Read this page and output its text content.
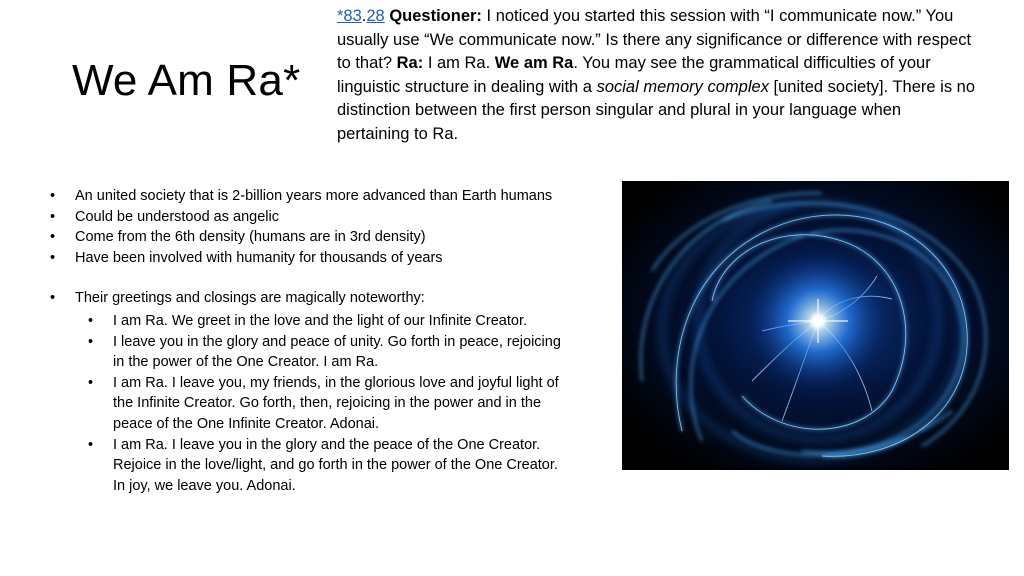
We Am Ra*

*83.28 Questioner: I noticed you started this session with “I communicate now.” You usually use “We communicate now.” Is there any significance or difference with respect to that? Ra: I am Ra. We am Ra. You may see the grammatical difficulties of your linguistic structure in dealing with a social memory complex [united society]. There is no distinction between the first person singular and plural in your language when pertaining to Ra.

• An united society that is 2-billion years more advanced than Earth humans
• Could be understood as angelic
• Come from the 6th density (humans are in 3rd density)
• Have been involved with humanity for thousands of years
• Their greetings and closings are magically noteworthy:
• I am Ra. We greet in the love and the light of our Infinite Creator.
• I leave you in the glory and peace of unity. Go forth in peace, rejoicing in the power of the One Creator. I am Ra.
• I am Ra. I leave you, my friends, in the glorious love and joyful light of the Infinite Creator. Go forth, then, rejoicing in the power and in the peace of the One Infinite Creator. Adonai.
• I am Ra. I leave you in the glory and the peace of the One Creator. Rejoice in the love/light, and go forth in the power of the One Creator. In joy, we leave you. Adonai.
